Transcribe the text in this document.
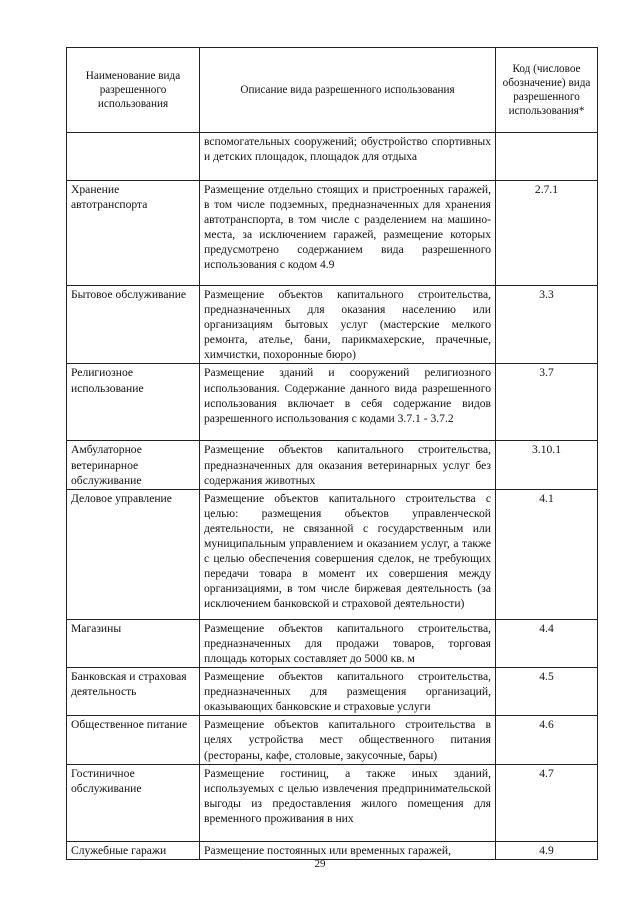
Наименование вида разрешенного использования	Описание вида разрешенного использования	Код (числовое обозначение) вида разрешенного использования*
	вспомогательных сооружений; обустройство спортивных и детских площадок, площадок для отдыха	
Хранение автотранспорта	Размещение отдельно стоящих и пристроенных гаражей, в том числе подземных, предназначенных для хранения автотранспорта, в том числе с разделением на машино-места, за исключением гаражей, размещение которых предусмотрено содержанием вида разрешенного использования с кодом 4.9	2.7.1
Бытовое обслуживание	Размещение объектов капитального строительства, предназначенных для оказания населению или организациям бытовых услуг (мастерские мелкого ремонта, ателье, бани, парикмахерские, прачечные, химчистки, похоронные бюро)	3.3
Религиозное использование	Размещение зданий и сооружений религиозного использования. Содержание данного вида разрешенного использования включает в себя содержание видов разрешенного использования с кодами 3.7.1 - 3.7.2	3.7
Амбулаторное ветеринарное обслуживание	Размещение объектов капитального строительства, предназначенных для оказания ветеринарных услуг без содержания животных	3.10.1
Деловое управление	Размещение объектов капитального строительства с целью: размещения объектов управленческой деятельности, не связанной с государственным или муниципальным управлением и оказанием услуг, а также с целью обеспечения совершения сделок, не требующих передачи товара в момент их совершения между организациями, в том числе биржевая деятельность (за исключением банковской и страховой деятельности)	4.1
Магазины	Размещение объектов капитального строительства, предназначенных для продажи товаров, торговая площадь которых составляет до 5000 кв. м	4.4
Банковская и страховая деятельность	Размещение объектов капитального строительства, предназначенных для размещения организаций, оказывающих банковские и страховые услуги	4.5
Общественное питание	Размещение объектов капитального строительства в целях устройства мест общественного питания (рестораны, кафе, столовые, закусочные, бары)	4.6
Гостиничное обслуживание	Размещение гостиниц, а также иных зданий, используемых с целью извлечения предпринимательской выгоды из предоставления жилого помещения для временного проживания в них	4.7
Служебные гаражи	Размещение постоянных или временных гаражей,	4.9
29
